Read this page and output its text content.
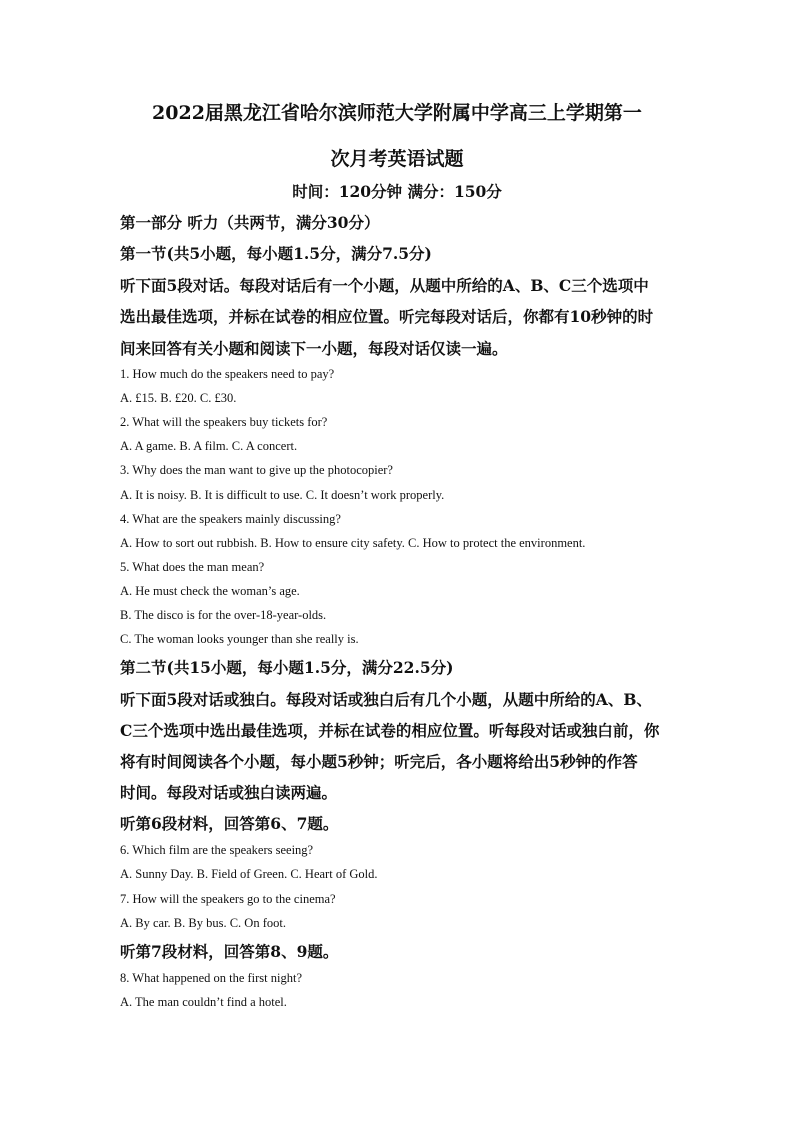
2022届黑龙江省哈尔滨师范大学附属中学高三上学期第一
次月考英语试题
时间：120分钟 满分：150分
第一部分 听力（共两节，满分30分）
第一节(共5小题，每小题1.5分，满分7.5分)
听下面5段对话。每段对话后有一个小题，从题中所给的A、B、C三个选项中
选出最佳选项，并标在试卷的相应位置。听完每段对话后，你都有10秒钟的时
间来回答有关小题和阅读下一小题，每段对话仅读一遍。
1. How much do the speakers need to pay?
A. £15. B. £20. C. £30.
2. What will the speakers buy tickets for?
A. A game. B. A film. C. A concert.
3. Why does the man want to give up the photocopier?
A. It is noisy. B. It is difficult to use. C. It doesn’t work properly.
4. What are the speakers mainly discussing?
A. How to sort out rubbish. B. How to ensure city safety. C. How to protect the environment.
5. What does the man mean?
A. He must check the woman’s age.
B. The disco is for the over-18-year-olds.
C. The woman looks younger than she really is.
第二节(共15小题，每小题1.5分，满分22.5分)
听下面5段对话或独白。每段对话或独白后有几个小题，从题中所给的A、B、
C三个选项中选出最佳选项，并标在试卷的相应位置。听每段对话或独白前，你
将有时间阅读各个小题，每小题5秒钟；听完后，各小题将给出5秒钟的作答
时间。每段对话或独白读两遍。
听第6段材料，回答第6、7题。
6. Which film are the speakers seeing?
A. Sunny Day. B. Field of Green. C. Heart of Gold.
7. How will the speakers go to the cinema?
A. By car. B. By bus. C. On foot.
听第7段材料，回答第8、9题。
8. What happened on the first night?
A. The man couldn’t find a hotel.
